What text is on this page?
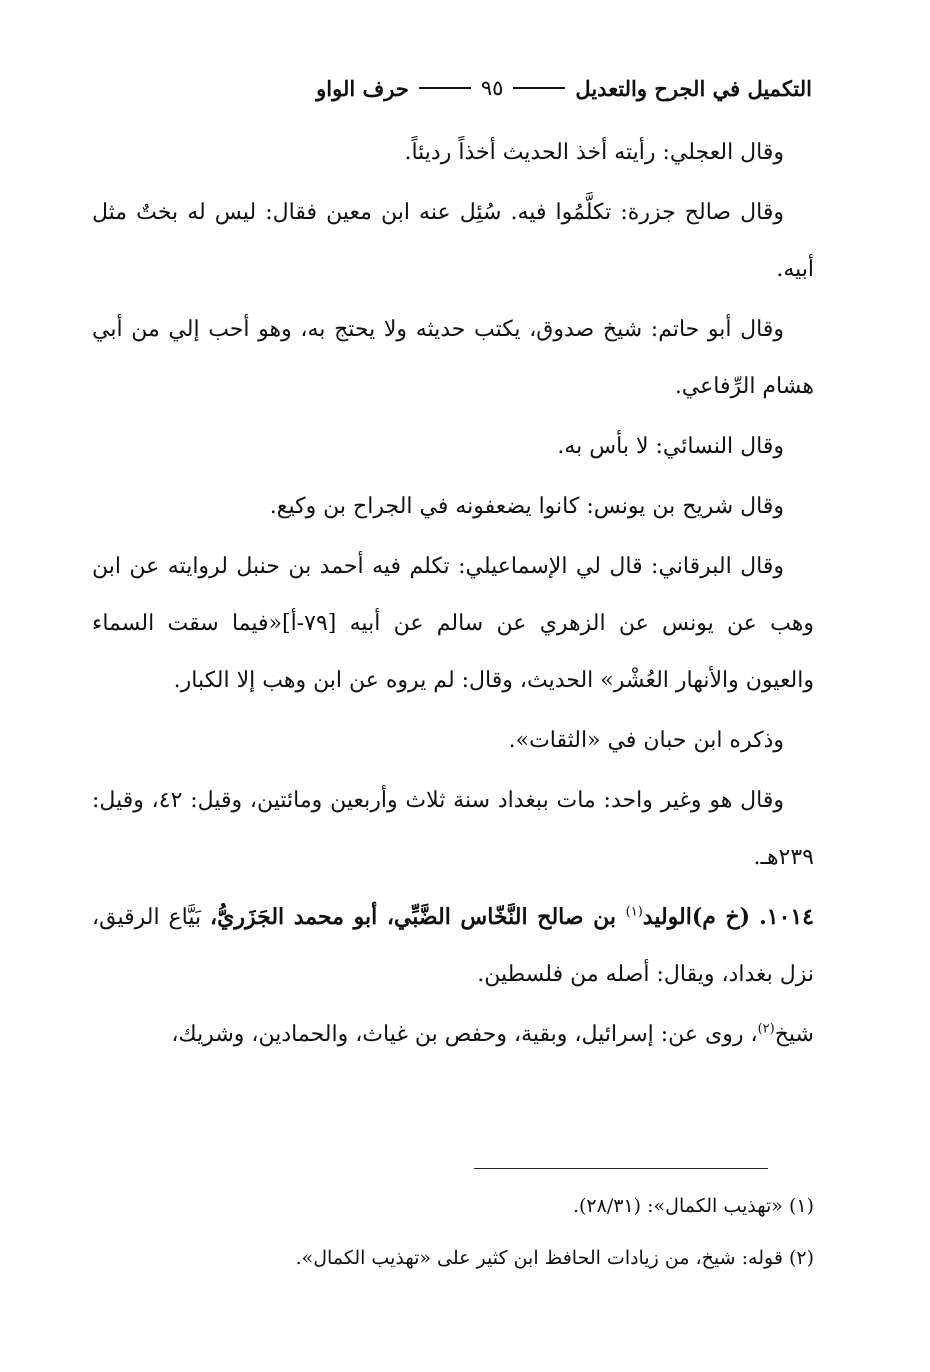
التكميل في الجرح والتعديل
٩٥
حرف الواو

وقال العجلي: رأيته أخذ الحديث أخذاً رديئاً.

وقال صالح جزرة: تكلَّمُوا فيه. سُئِل عنه ابن معين فقال: ليس له بختٌ مثل أبيه.

وقال أبو حاتم: شيخ صدوق، يكتب حديثه ولا يحتج به، وهو أحب إلي من أبي هشام الرِّفاعي.

وقال النسائي: لا بأس به.

وقال شريح بن يونس: كانوا يضعفونه في الجراح بن وكيع.

وقال البرقاني: قال لي الإسماعيلي: تكلم فيه أحمد بن حنبل لروايته عن ابن وهب عن يونس عن الزهري عن سالم عن أبيه [٧٩-أ]«فيما سقت السماء والعيون والأنهار العُشْر» الحديث، وقال: لم يروه عن ابن وهب إلا الكبار.

وذكره ابن حبان في «الثقات».

وقال هو وغير واحد: مات ببغداد سنة ثلاث وأربعين ومائتين، وقيل: ٤٢، وقيل: ٢٣٩هـ.

١٠١٤. (خ م)الوليد$^{(١)}$ بن صالح النَّخّاس الضَّبِّي، أبو محمد الجَزَريُّ، بَيَّاع الرقيق، نزل بغداد، ويقال: أصله من فلسطين.

شيخ$^{(٢)}$، روى عن: إسرائيل، وبقية، وحفص بن غياث، والحمادين، وشريك،

(١) «تهذيب الكمال»: (٢٨/٣١).
(٢) قوله: شيخ، من زيادات الحافظ ابن كثير على «تهذيب الكمال».
